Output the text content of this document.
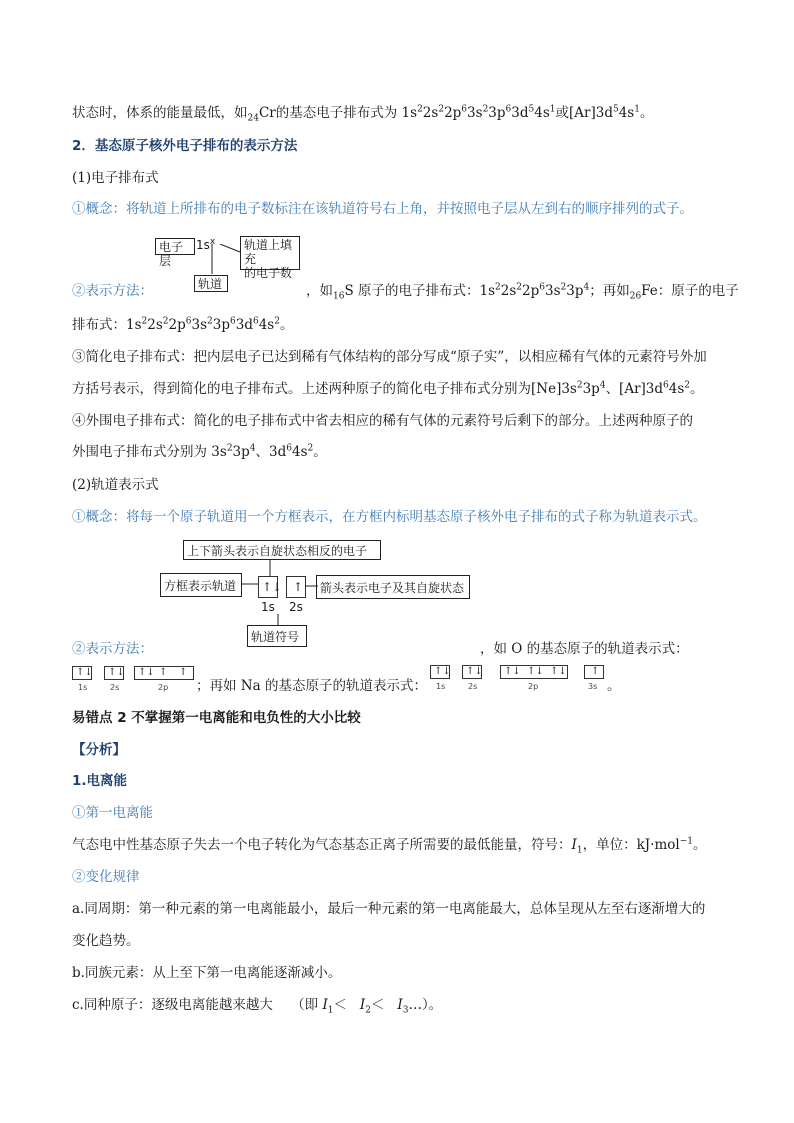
状态时，体系的能量最低，如$_{24}$Cr的基态电子排布式为 $1s^22s^22p^63s^23p^63d^54s^1$或$[Ar]3d^54s^1$。
2．基态原子核外电子排布的表示方法
(1)电子排布式
①概念：将轨道上所排布的电子数标注在该轨道符号右上角，并按照电子层从左到右的顺序排列的式子。
电子层
$1s^x$ 轨道上填充
的电子数
轨道
②表示方法：	，如$_{16}$S 原子的电子排布式：$1s^22s^22p^63s^23p^4$；再如$_{26}$Fe：原子的电子
排布式：$1s^22s^22p^63s^23p^63d^64s^2$。
③简化电子排布式：把内层电子已达到稀有气体结构的部分写成“原子实”，以相应稀有气体的元素符号外加
方括号表示，得到简化的电子排布式。上述两种原子的简化电子排布式分别为$[Ne]3s^23p^4$、$[Ar]3d^64s^2$。
④外围电子排布式：简化的电子排布式中省去相应的稀有气体的元素符号后剩下的部分。上述两种原子的
外围电子排布式分别为 $3s^23p^4$、$3d^64s^2$。
(2)轨道表示式
①概念：将每一个原子轨道用一个方框表示，在方框内标明基态原子核外电子排布的式子称为轨道表示式。
上下箭头表示自旋状态相反的电子
方框表示轨道	箭头表示电子及其自旋状态
轨道符号
↑↓ ↑
1s 2s
②表示方法：	，如 O 的基态原子的轨道表示式：
↑↓ ↑↓ ↑↓ ↑ ↑
1s	2s	2p ；再如 Na 的基态原子的轨道表示式：
↑↓ ↑↓ ↑↓ ↑↓ ↑↓ ↑
1s	2s	2p	3s 。
易错点 2 不掌握第一电离能和电负性的大小比较
【分析】
1.电离能
①第一电离能
气态电中性基态原子失去一个电子转化为气态基态正离子所需要的最低能量，符号：$I_1$，单位：kJ·mol$^{-1}$。
②变化规律
a.同周期：第一种元素的第一电离能最小，最后一种元素的第一电离能最大，总体呈现从左至右逐渐增大的
变化趋势。
b.同族元素：从上至下第一电离能逐渐减小。
c.同种原子：逐级电离能越来越大 （即 $I_1< I_2<$   $I_3\dots$）。
